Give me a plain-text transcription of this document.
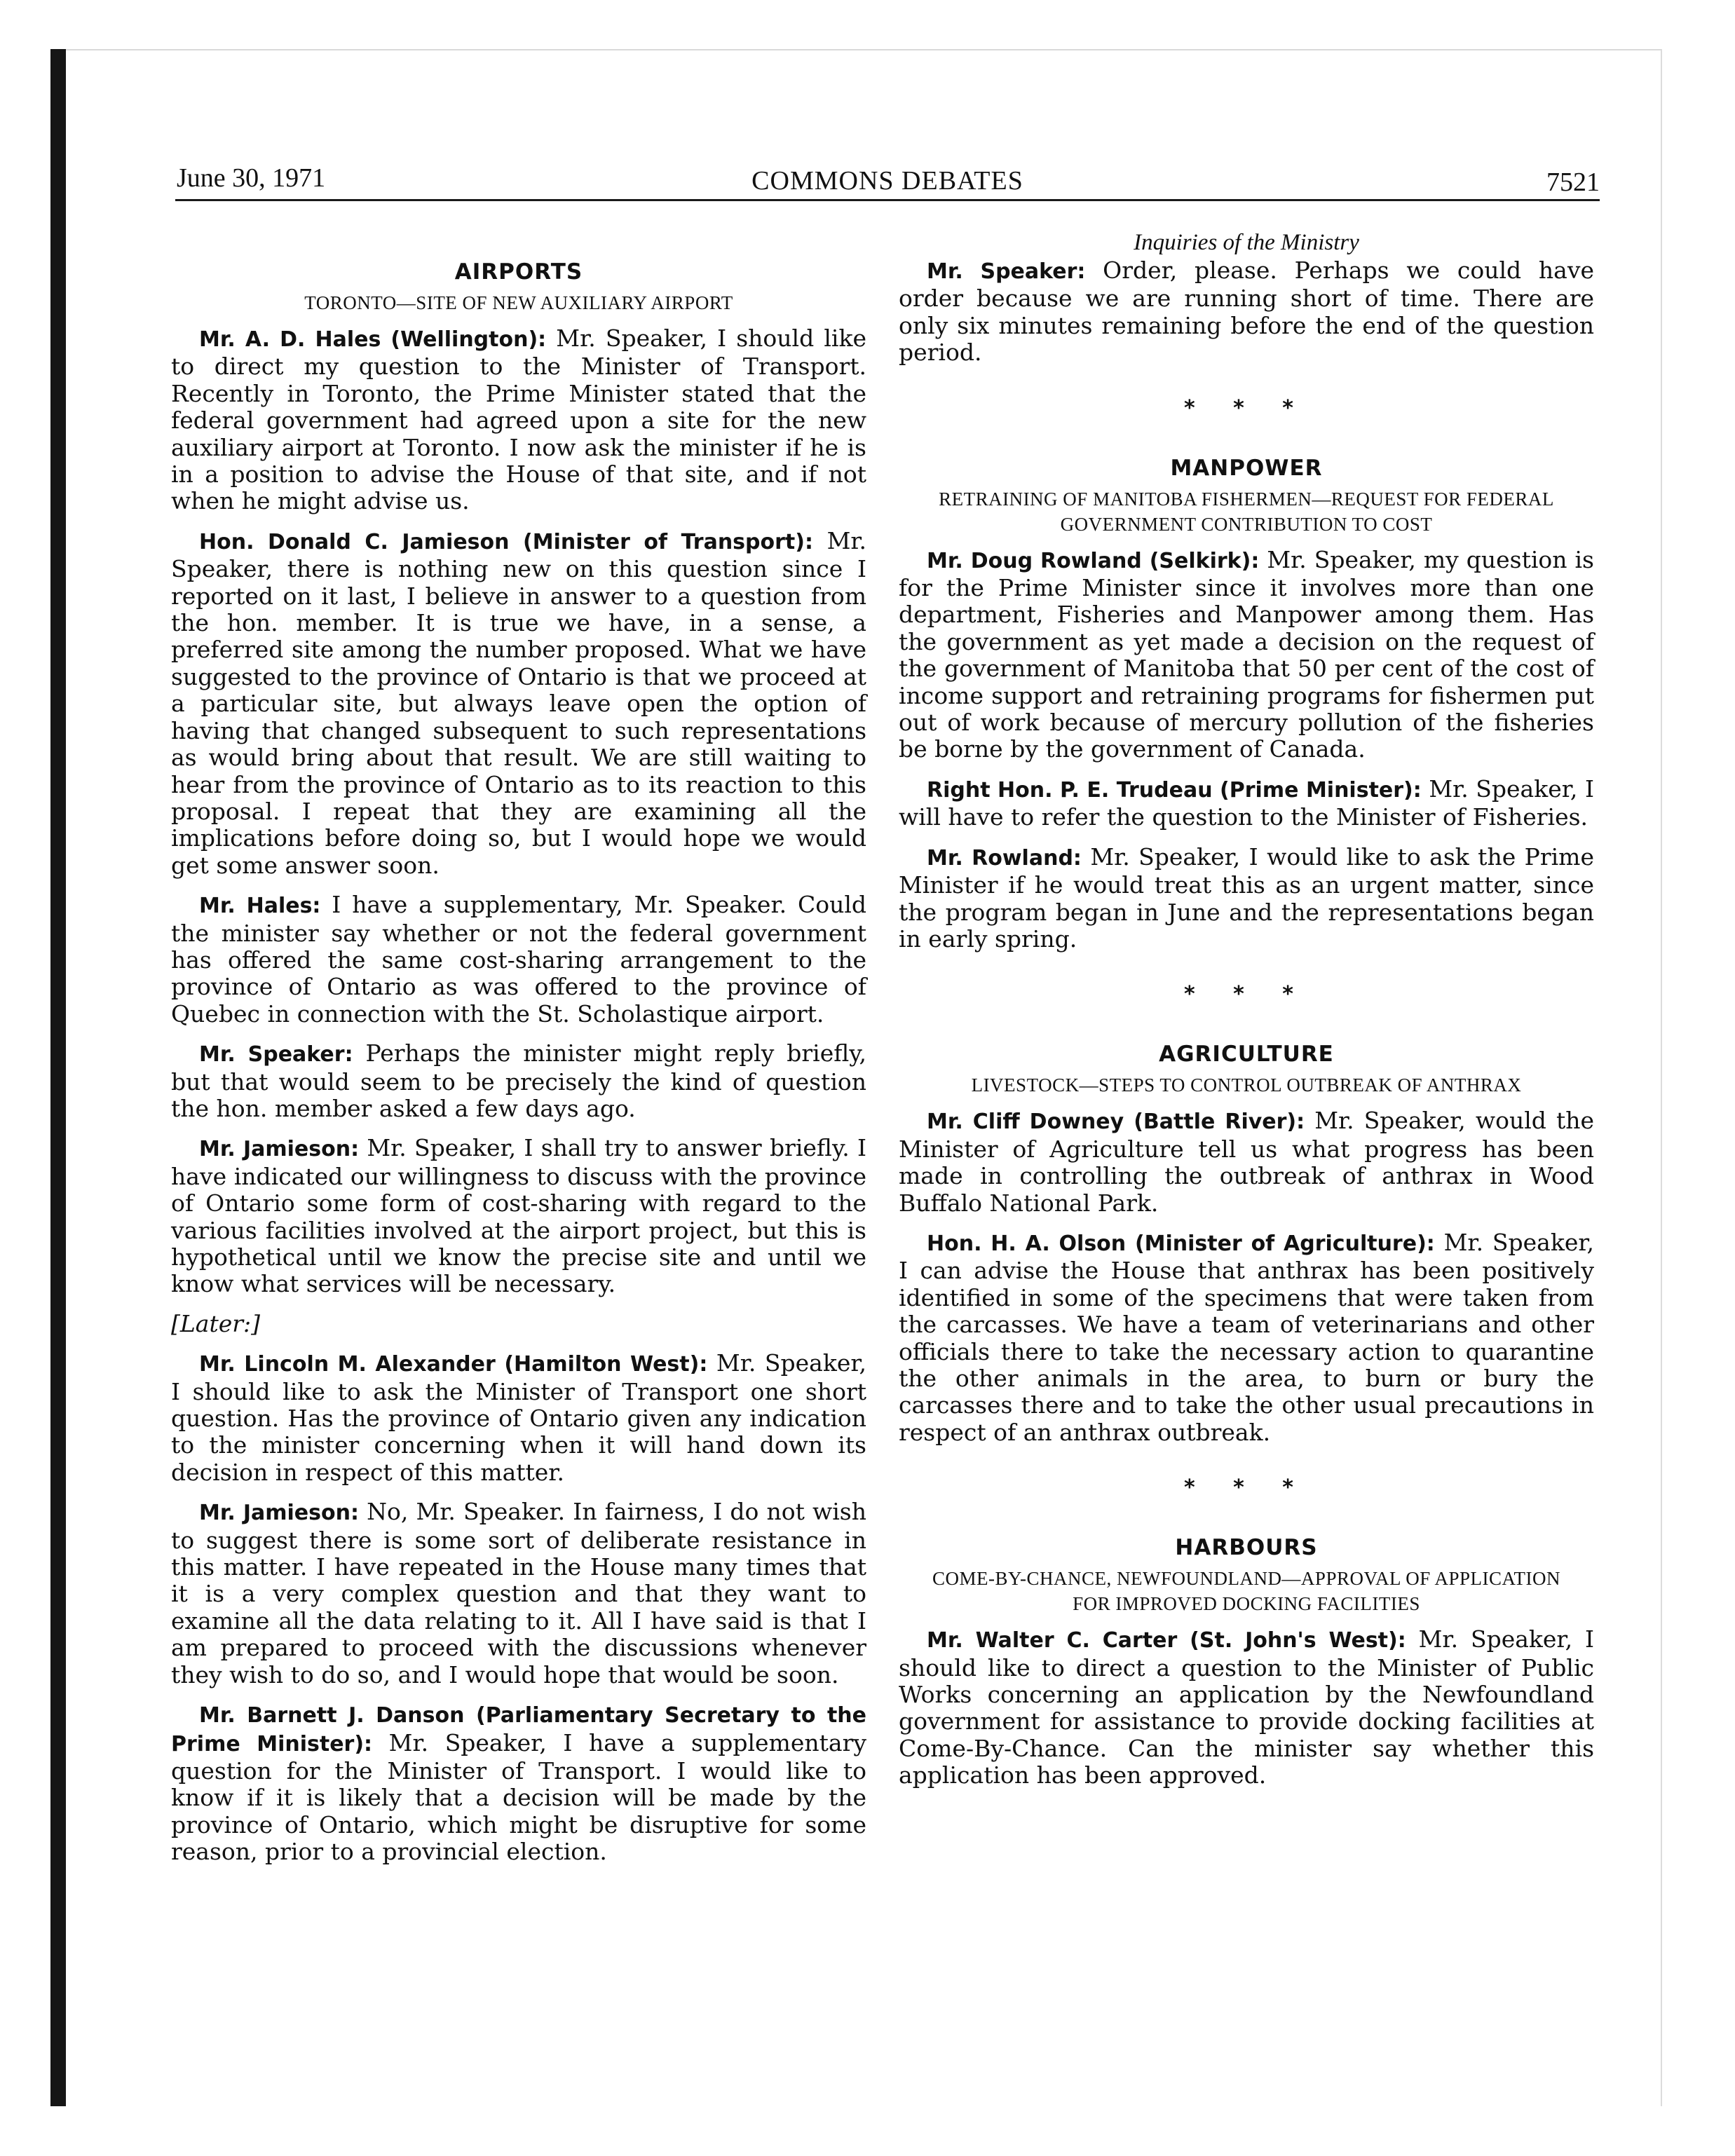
June 30, 1971	COMMONS DEBATES	7521
AIRPORTS
TORONTO—SITE OF NEW AUXILIARY AIRPORT

Mr. A. D. Hales (Wellington): Mr. Speaker, I should like to direct my question to the Minister of Transport. Recently in Toronto, the Prime Minister stated that the federal government had agreed upon a site for the new auxiliary airport at Toronto. I now ask the minister if he is in a position to advise the House of that site, and if not when he might advise us.

Hon. Donald C. Jamieson (Minister of Transport): Mr. Speaker, there is nothing new on this question since I reported on it last, I believe in answer to a question from the hon. member. It is true we have, in a sense, a preferred site among the number proposed. What we have suggested to the province of Ontario is that we proceed at a particular site, but always leave open the option of having that changed subsequent to such representations as would bring about that result. We are still waiting to hear from the province of Ontario as to its reaction to this proposal. I repeat that they are examining all the implications before doing so, but I would hope we would get some answer soon.

Mr. Hales: I have a supplementary, Mr. Speaker. Could the minister say whether or not the federal government has offered the same cost-sharing arrangement to the province of Ontario as was offered to the province of Quebec in connection with the St. Scholastique airport.

Mr. Speaker: Perhaps the minister might reply briefly, but that would seem to be precisely the kind of question the hon. member asked a few days ago.

Mr. Jamieson: Mr. Speaker, I shall try to answer briefly. I have indicated our willingness to discuss with the province of Ontario some form of cost-sharing with regard to the various facilities involved at the airport project, but this is hypothetical until we know the precise site and until we know what services will be necessary.

[Later:]

Mr. Lincoln M. Alexander (Hamilton West): Mr. Speaker, I should like to ask the Minister of Transport one short question. Has the province of Ontario given any indication to the minister concerning when it will hand down its decision in respect of this matter.

Mr. Jamieson: No, Mr. Speaker. In fairness, I do not wish to suggest there is some sort of deliberate resistance in this matter. I have repeated in the House many times that it is a very complex question and that they want to examine all the data relating to it. All I have said is that I am prepared to proceed with the discussions whenever they wish to do so, and I would hope that would be soon.

Mr. Barnett J. Danson (Parliamentary Secretary to the Prime Minister): Mr. Speaker, I have a supplementary question for the Minister of Transport. I would like to know if it is likely that a decision will be made by the province of Ontario, which might be disruptive for some reason, prior to a provincial election.

Inquiries of the Ministry

Mr. Speaker: Order, please. Perhaps we could have order because we are running short of time. There are only six minutes remaining before the end of the question period.

* * *
MANPOWER
RETRAINING OF MANITOBA FISHERMEN—REQUEST FOR FEDERAL GOVERNMENT CONTRIBUTION TO COST

Mr. Doug Rowland (Selkirk): Mr. Speaker, my question is for the Prime Minister since it involves more than one department, Fisheries and Manpower among them. Has the government as yet made a decision on the request of the government of Manitoba that 50 per cent of the cost of income support and retraining programs for fishermen put out of work because of mercury pollution of the fisheries be borne by the government of Canada.

Right Hon. P. E. Trudeau (Prime Minister): Mr. Speaker, I will have to refer the question to the Minister of Fisheries.

Mr. Rowland: Mr. Speaker, I would like to ask the Prime Minister if he would treat this as an urgent matter, since the program began in June and the representations began in early spring.

* * *
AGRICULTURE
LIVESTOCK—STEPS TO CONTROL OUTBREAK OF ANTHRAX

Mr. Cliff Downey (Battle River): Mr. Speaker, would the Minister of Agriculture tell us what progress has been made in controlling the outbreak of anthrax in Wood Buffalo National Park.

Hon. H. A. Olson (Minister of Agriculture): Mr. Speaker, I can advise the House that anthrax has been positively identified in some of the specimens that were taken from the carcasses. We have a team of veterinarians and other officials there to take the necessary action to quarantine the other animals in the area, to burn or bury the carcasses there and to take the other usual precautions in respect of an anthrax outbreak.

* * *
HARBOURS
COME-BY-CHANCE, NEWFOUNDLAND—APPROVAL OF APPLICATION FOR IMPROVED DOCKING FACILITIES

Mr. Walter C. Carter (St. John's West): Mr. Speaker, I should like to direct a question to the Minister of Public Works concerning an application by the Newfoundland government for assistance to provide docking facilities at Come-By-Chance. Can the minister say whether this application has been approved.
